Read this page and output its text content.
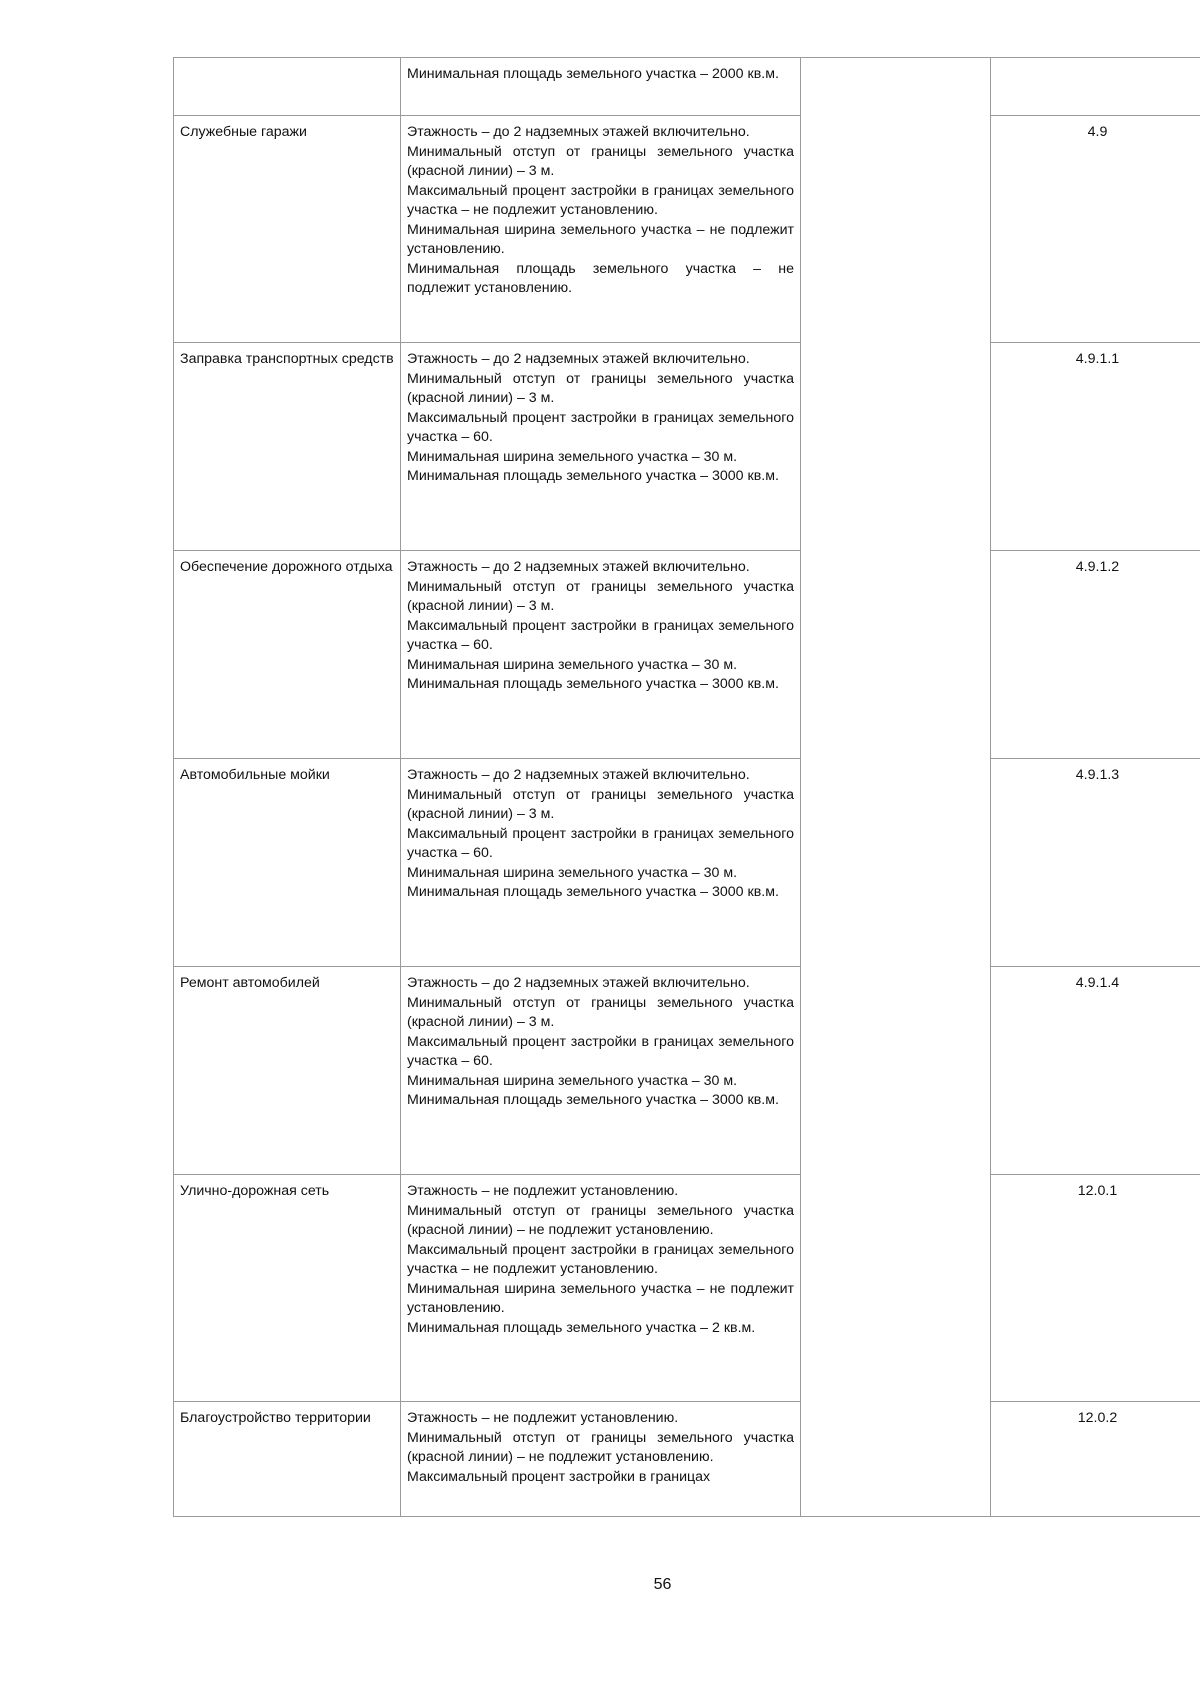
	Минимальная площадь земельного участка – 2000 кв.м.		

Служебные гаражи	Этажность – до 2 надземных этажей включительно.
Минимальный отступ от границы земельного участка (красной линии) – 3 м.
Максимальный процент застройки в границах земельного участка – не подлежит установлению.
Минимальная ширина земельного участка – не подлежит установлению.
Минимальная площадь земельного участка – не подлежит установлению.		4.9
Заправка транспортных средств	Этажность – до 2 надземных этажей включительно.
Минимальный отступ от границы земельного участка (красной линии) – 3 м.
Максимальный процент застройки в границах земельного участка – 60.
Минимальная ширина земельного участка – 30 м.
Минимальная площадь земельного участка – 3000 кв.м.		4.9.1.1
Обеспечение дорожного отдыха	Этажность – до 2 надземных этажей включительно.
Минимальный отступ от границы земельного участка (красной линии) – 3 м.
Максимальный процент застройки в границах земельного участка – 60.
Минимальная ширина земельного участка – 30 м.
Минимальная площадь земельного участка – 3000 кв.м.		4.9.1.2
Автомобильные мойки	Этажность – до 2 надземных этажей включительно.
Минимальный отступ от границы земельного участка (красной линии) – 3 м.
Максимальный процент застройки в границах земельного участка – 60.
Минимальная ширина земельного участка – 30 м.
Минимальная площадь земельного участка – 3000 кв.м.		4.9.1.3
Ремонт автомобилей	Этажность – до 2 надземных этажей включительно.
Минимальный отступ от границы земельного участка (красной линии) – 3 м.
Максимальный процент застройки в границах земельного участка – 60.
Минимальная ширина земельного участка – 30 м.
Минимальная площадь земельного участка – 3000 кв.м.		4.9.1.4
Улично-дорожная сеть	Этажность – не подлежит установлению.
Минимальный отступ от границы земельного участка (красной линии) – не подлежит установлению.
Максимальный процент застройки в границах земельного участка – не подлежит установлению.
Минимальная ширина земельного участка – не подлежит установлению.
Минимальная площадь земельного участка – 2 кв.м.		12.0.1
Благоустройство территории	Этажность – не подлежит установлению.
Минимальный отступ от границы земельного участка (красной линии) – не подлежит установлению.
Максимальный процент застройки в границах		12.0.2
56
